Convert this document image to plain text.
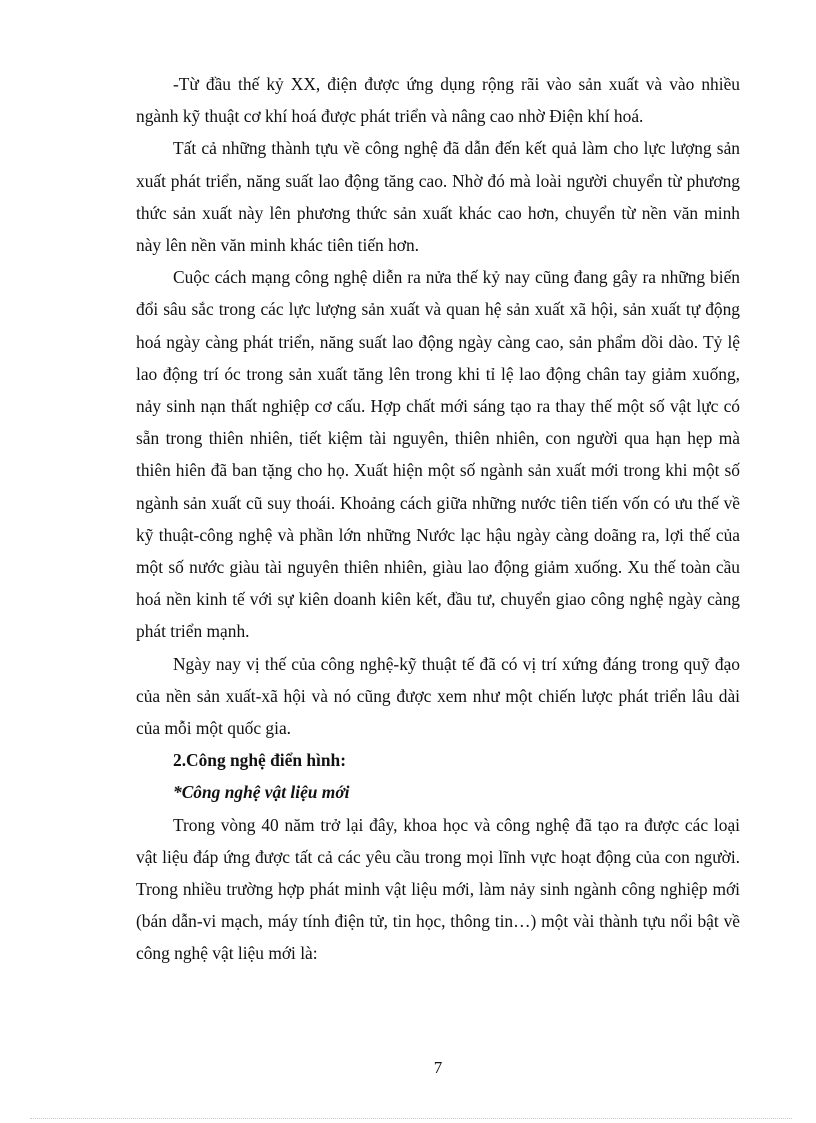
-Từ đầu thế kỷ XX, điện được ứng dụng rộng rãi vào sản xuất và vào nhiều ngành kỹ thuật cơ khí hoá được phát triển và nâng cao nhờ Điện khí hoá.

Tất cả những thành tựu về công nghệ đã dẫn đến kết quả làm cho lực lượng sản xuất phát triển, năng suất lao động tăng cao. Nhờ đó mà loài người chuyển từ phương thức sản xuất này lên phương thức sản xuất khác cao hơn, chuyển từ nền văn minh này lên nền văn minh khác tiên tiến hơn.

Cuộc cách mạng công nghệ diễn ra nửa thế kỷ nay cũng đang gây ra những biến đổi sâu sắc trong các lực lượng sản xuất và quan hệ sản xuất xã hội, sản xuất tự động hoá ngày càng phát triển, năng suất lao động ngày càng cao, sản phẩm dồi dào. Tỷ lệ lao động trí óc trong sản xuất tăng lên trong khi tỉ lệ lao động chân tay giảm xuống, nảy sinh nạn thất nghiệp cơ cấu. Hợp chất mới sáng tạo ra thay thế một số vật lực có sẵn trong thiên nhiên, tiết kiệm tài nguyên, thiên nhiên, con người qua hạn hẹp mà thiên hiên đã ban tặng cho họ. Xuất hiện một số ngành sản xuất mới trong khi một số ngành sản xuất cũ suy thoái. Khoảng cách giữa những nước tiên tiến vốn có ưu thế về kỹ thuật-công nghệ và phần lớn những Nước lạc hậu ngày càng doãng ra, lợi thế của một số nước giàu tài nguyên thiên nhiên, giàu lao động giảm xuống. Xu thế toàn cầu hoá nền kinh tế với sự kiên doanh kiên kết, đầu tư, chuyển giao công nghệ ngày càng phát triển mạnh.

Ngày nay vị thế của công nghệ-kỹ thuật tế đã có vị trí xứng đáng trong quỹ đạo của nền sản xuất-xã hội và nó cũng được xem như một chiến lược phát triển lâu dài của mỗi một quốc gia.

2.Công nghệ điển hình:

*Công nghệ vật liệu mới

Trong vòng 40 năm trở lại đây, khoa học và công nghệ đã tạo ra được các loại vật liệu đáp ứng được tất cả các yêu cầu trong mọi lĩnh vực hoạt động của con người. Trong nhiều trường hợp phát minh vật liệu mới, làm nảy sinh ngành công nghiệp mới (bán dẫn-vi mạch, máy tính điện tử, tin học, thông tin…) một vài thành tựu nổi bật về công nghệ vật liệu mới là:

7
